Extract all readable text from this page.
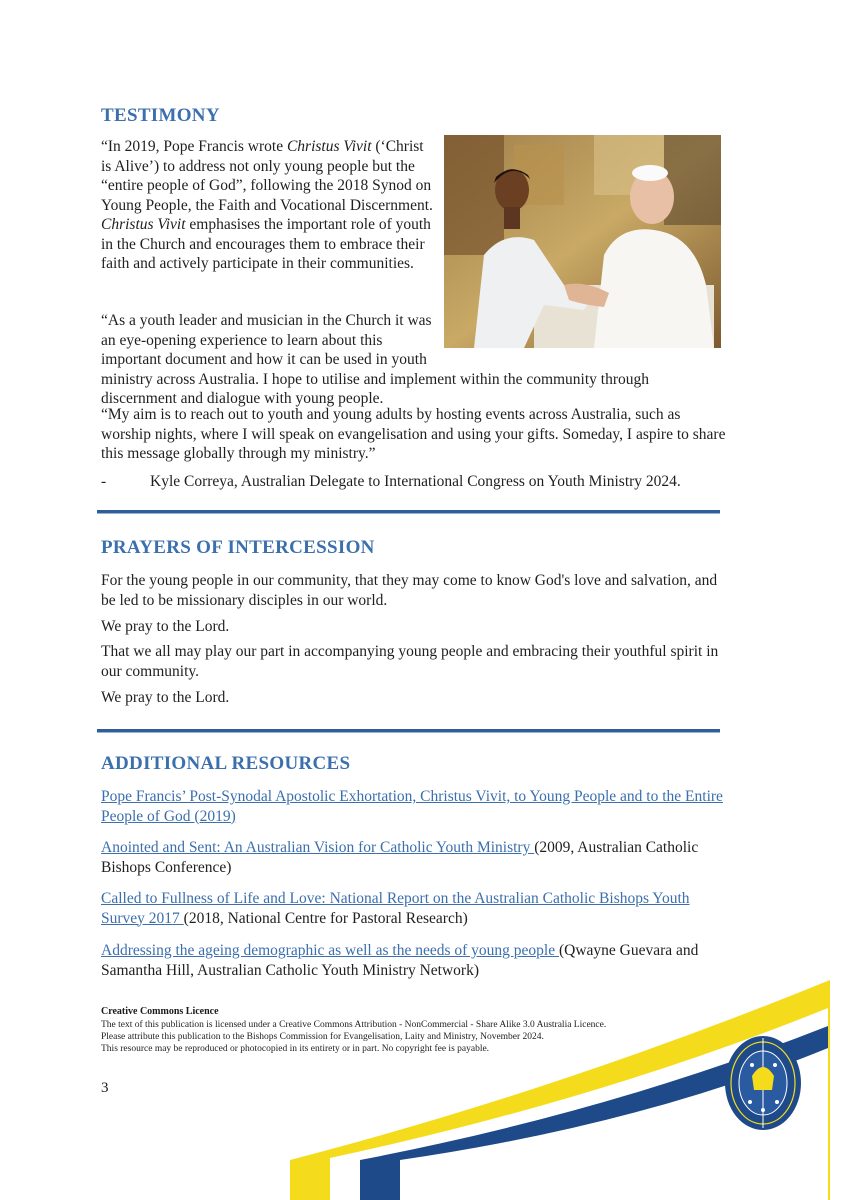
TESTIMONY

“In 2019, Pope Francis wrote Christus Vivit (‘Christ is Alive’) to address not only young people but the “entire people of God”, following the 2018 Synod on Young People, the Faith and Vocational Discernment. Christus Vivit emphasises the important role of youth in the Church and encourages them to embrace their faith and actively participate in their communities.

“As a youth leader and musician in the Church it was an eye-opening experience to learn about this important document and how it can be used in youth ministry across Australia. I hope to utilise and implement within the community through discernment and dialogue with young people.

“My aim is to reach out to youth and young adults by hosting events across Australia, such as worship nights, where I will speak on evangelisation and using your gifts. Someday, I aspire to share this message globally through my ministry.”

-	Kyle Correya, Australian Delegate to International Congress on Youth Ministry 2024.
PRAYERS OF INTERCESSION

For the young people in our community, that they may come to know God's love and salvation, and be led to be missionary disciples in our world.

We pray to the Lord.

That we all may play our part in accompanying young people and embracing their youthful spirit in our community.

We pray to the Lord.

ADDITIONAL RESOURCES

Pope Francis’ Post-Synodal Apostolic Exhortation, Christus Vivit, to Young People and to the Entire People of God (2019)

Anointed and Sent: An Australian Vision for Catholic Youth Ministry (2009, Australian Catholic Bishops Conference)

Called to Fullness of Life and Love: National Report on the Australian Catholic Bishops Youth Survey 2017 (2018, National Centre for Pastoral Research)

Addressing the ageing demographic as well as the needs of young people (Qwayne Guevara and Samantha Hill, Australian Catholic Youth Ministry Network)

Creative Commons Licence
The text of this publication is licensed under a Creative Commons Attribution - NonCommercial - Share Alike 3.0 Australia Licence.
Please attribute this publication to the Bishops Commission for Evangelisation, Laity and Ministry, November 2024.
This resource may be reproduced or photocopied in its entirety or in part. No copyright fee is payable.
3
